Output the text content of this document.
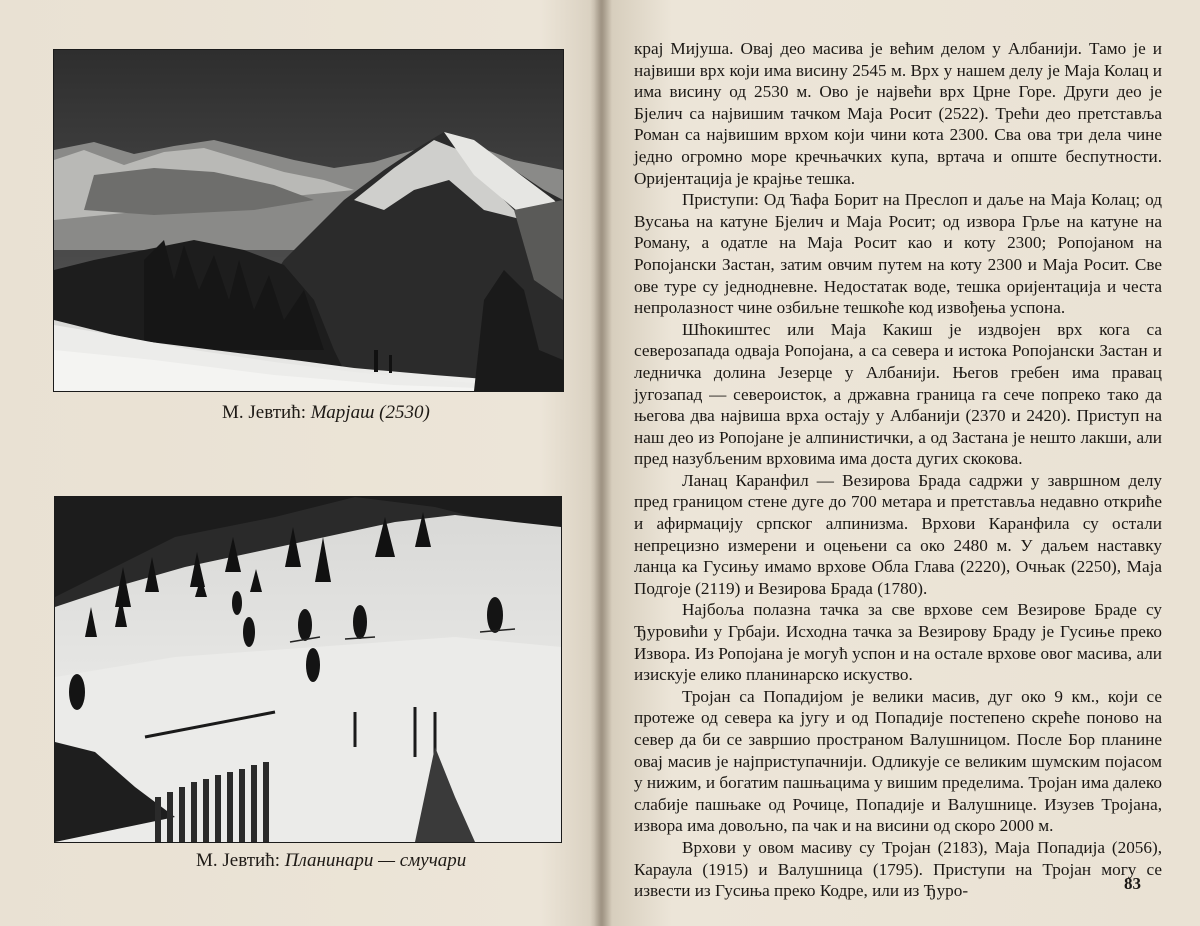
М. Јевтић: Марјаш (2530)
М. Јевтић: Планинари — смучари

крај Мијуша. Овај део масива је већим делом у Албанији. Тамо је и највиши врх који има висину 2545 м. Врх у нашем делу је Маја Колац и има висину од 2530 м. Ово је највећи врх Црне Горе. Други део је Бјелич са највишим тачком Маја Росит (2522). Трећи део претставља Роман са највишим врхом који чини кота 2300. Сва ова три дела чине једно огромно море кречњачких купа, вртача и опште беспутности. Оријентација је крајње тешка.

Приступи: Од Ћафа Борит на Преслоп и даље на Маја Колац; од Вусања на катуне Бјелич и Маја Росит; од извора Грље на катуне на Роману, а одатле на Маја Росит као и коту 2300; Ропојаном на Ропојански Застан, затим овчим путем на коту 2300 и Маја Росит. Све ове туре су једнодневне. Недостатак воде, тешка оријентација и честа непролазност чине озбиљне тешкоће код извођења успона.

Шћокиштес или Маја Какиш је издвојен врх кога са северозапада одваја Ропојана, а са севера и истока Ропојански Застан и ледничка долина Језерце у Албанији. Његов гребен има правац југозапад — североисток, а државна граница га сече попреко тако да његова два највиша врха остају у Албанији (2370 и 2420). Приступ на наш део из Ропојане је алпинистички, а од Застана је нешто лакши, али пред назубљеним врховима има доста дугих скокова.

Ланац Каранфил — Везирова Брада садржи у завршном делу пред границом стене дуге до 700 метара и претставља недавно откриће и афирмацију српског алпинизма. Врхови Каранфила су остали непрецизно измерени и оцењени са око 2480 м. У даљем наставку ланца ка Гусињу имамо врхове Обла Глава (2220), Очњак (2250), Маја Подгоје (2119) и Везирова Брада (1780).

Најбоља полазна тачка за све врхове сем Везирове Браде су Ђуровићи у Грбаји. Исходна тачка за Везирову Браду је Гусиње преко Извора. Из Ропојана је могућ успон и на остале врхове овог масива, али изискује елико планинарско искуство.

Тројан са Попадијом је велики масив, дуг око 9 км., који се протеже од севера ка југу и од Попадије постепено скреће поново на север да би се завршио пространом Валушницом. После Бор планине овај масив је најприступачнији. Одликује се великим шумским појасом у нижим, и богатим пашњацима у вишим пределима. Тројан има далеко слабије пашњаке од Рочице, Попадије и Валушнице. Изузев Тројана, извора има довољно, па чак и на висини од скоро 2000 м.

Врхови у овом масиву су Тројан (2183), Маја Попадија (2056), Караула (1915) и Валушница (1795). Приступи на Тројан могу се извести из Гусиња преко Кодре, или из Ђуро-	83
